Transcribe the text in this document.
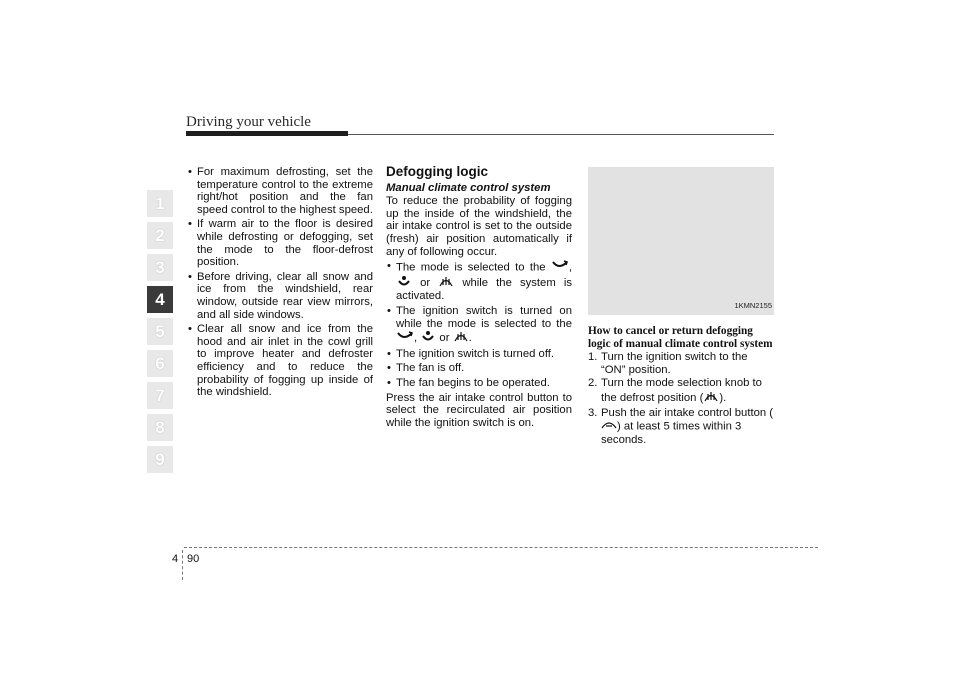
Driving your vehicle
1
2
3
4
5
6
7
8
9

• For maximum defrosting, set the temperature control to the extreme right/hot position and the fan speed control to the highest speed.

• If warm air to the floor is desired while defrosting or defogging, set the mode to the floor-defrost position.

• Before driving, clear all snow and ice from the windshield, rear window, outside rear view mirrors, and all side windows.

• Clear all snow and ice from the hood and air inlet in the cowl grill to improve heater and defroster efficiency and to reduce the probability of fogging up inside of the windshield.

Defogging logic

Manual climate control system

To reduce the probability of fogging up the inside of the windshield, the air intake control is set to the outside (fresh) air position automatically if any of following occur.

• The mode is selected to the ,  or	while the system is activated.

• The ignition switch is turned on while the mode is selected to the ,  or .

• The ignition switch is turned off.

• The fan is off.

• The fan begins to be operated.

Press the air intake control button to select the recirculated air position while the ignition switch is on.

1KMN2155

How to cancel or return defogging logic of manual climate control system

1. Turn the ignition switch to the “ON” position.

2. Turn the mode selection knob to the defrost position ( ).

3. Push the air intake control button () at least 5 times within 3 seconds.

4 90
